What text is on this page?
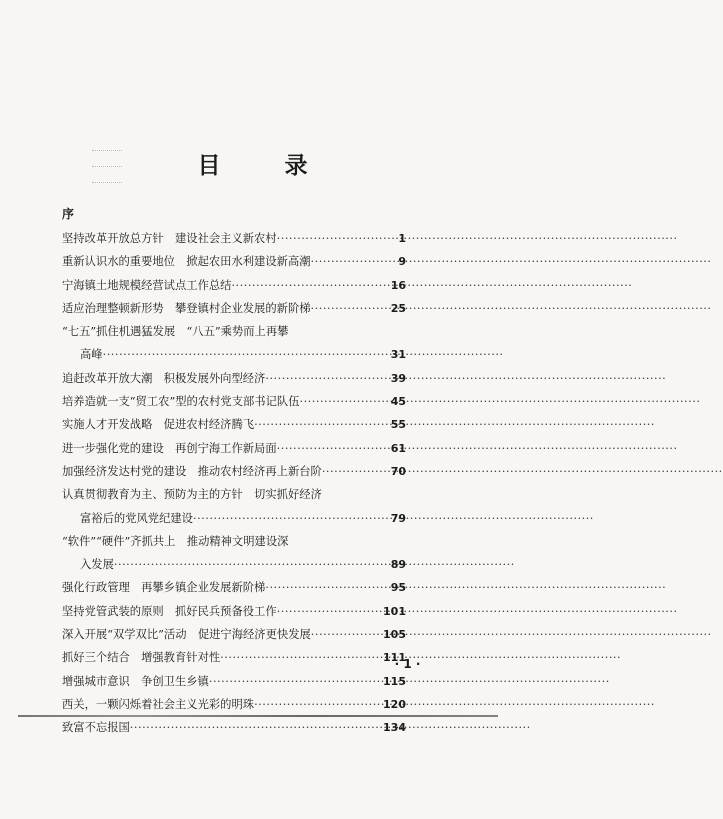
目 录
序
坚持改革开放总方针　建设社会主义新农村 ·····	1
重新认识水的重要地位　掀起农田水利建设新高潮 ·····	9
宁海镇土地规模经营试点工作总结 ·····	16
适应治理整顿新形势　攀登镇村企业发展的新阶梯 ·····	25
“七五”抓住机遇猛发展　“八五”乘势而上再攀
高峰 ·····	31
追赶改革开放大潮　积极发展外向型经济 ·····	39
培养造就一支“贸工农”型的农村党支部书记队伍 ·····	45
实施人才开发战略　促进农村经济腾飞 ·····	55
进一步强化党的建设　再创宁海工作新局面 ·····	61
加强经济发达村党的建设　推动农村经济再上新台阶 ·····	70
认真贯彻教育为主、预防为主的方针　切实抓好经济
富裕后的党风党纪建设 ·····	79
“软件”“硬件”齐抓共上　推动精神文明建设深
入发展 ·····	89
强化行政管理　再攀乡镇企业发展新阶梯 ·····	95
坚持党管武装的原则　抓好民兵预备役工作 ·····	101
深入开展“双学双比”活动　促进宁海经济更快发展 ·····	105
抓好三个结合　增强教育针对性 ·····	111
增强城市意识　争创卫生乡镇 ·····	115
西关，一颗闪烁着社会主义光彩的明珠 ·····	120
致富不忘报国 ·····	134
· 1 ·
